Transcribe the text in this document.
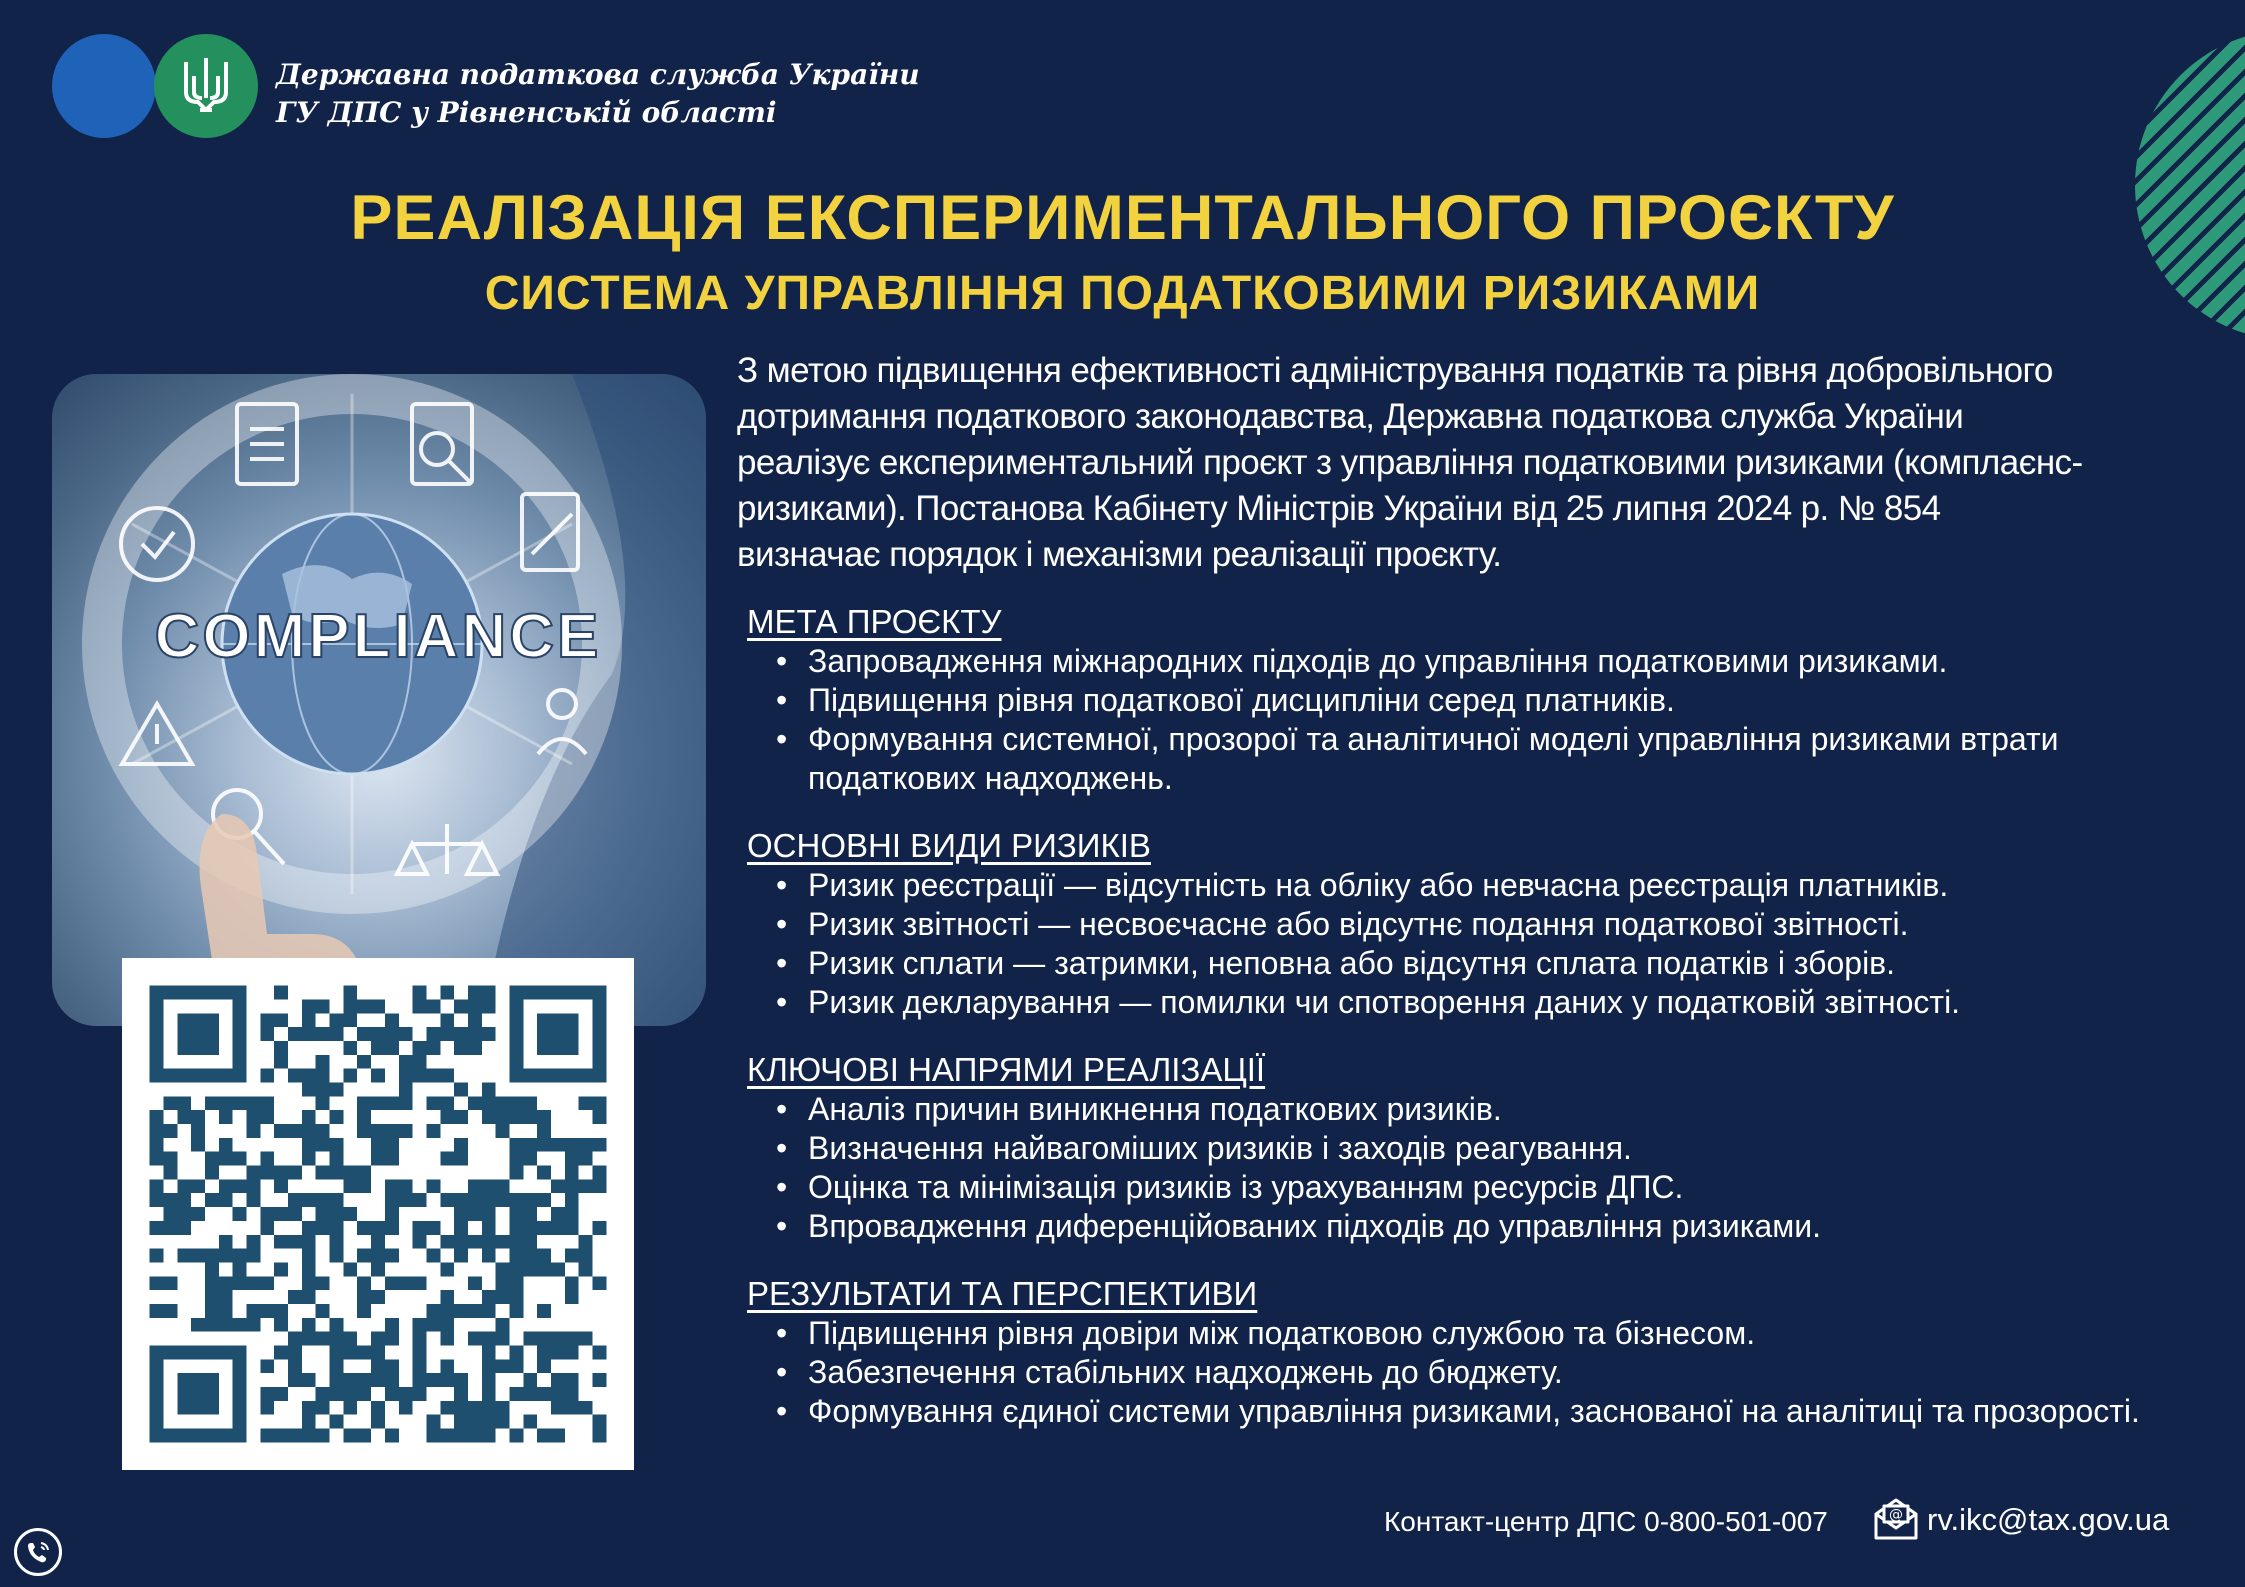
Державна податкова служба України
ГУ ДПС у Рівненській області
РЕАЛІЗАЦІЯ ЕКСПЕРИМЕНТАЛЬНОГО ПРОЄКТУ
СИСТЕМА УПРАВЛІННЯ ПОДАТКОВИМИ РИЗИКАМИ
COMPLIANCE
З метою підвищення ефективності адміністрування податків та рівня добровільного
дотримання податкового законодавства, Державна податкова служба України
реалізує експериментальний проєкт з управління податковими ризиками (комплаєнс-
ризиками). Постанова Кабінету Міністрів України від 25 липня 2024 р. № 854
визначає порядок і механізми реалізації проєкту.
МЕТА ПРОЄКТУ
• Запровадження міжнародних підходів до управління податковими ризиками.
• Підвищення рівня податкової дисципліни серед платників.
• Формування системної, прозорої та аналітичної моделі управління ризиками втрати податкових надходжень.
ОСНОВНІ ВИДИ РИЗИКІВ
• Ризик реєстрації — відсутність на обліку або невчасна реєстрація платників.
• Ризик звітності — несвоєчасне або відсутнє подання податкової звітності.
• Ризик сплати — затримки, неповна або відсутня сплата податків і зборів.
• Ризик декларування — помилки чи спотворення даних у податковій звітності.
КЛЮЧОВІ НАПРЯМИ РЕАЛІЗАЦІЇ
• Аналіз причин виникнення податкових ризиків.
• Визначення найвагоміших ризиків і заходів реагування.
• Оцінка та мінімізація ризиків із урахуванням ресурсів ДПС.
• Впровадження диференційованих підходів до управління ризиками.
РЕЗУЛЬТАТИ ТА ПЕРСПЕКТИВИ
• Підвищення рівня довіри між податковою службою та бізнесом.
• Забезпечення стабільних надходжень до бюджету.
• Формування єдиної системи управління ризиками, заснованої на аналітиці та прозорості.
Контакт-центр ДПС 0-800-501-007	@ rv.ikc@tax.gov.ua
